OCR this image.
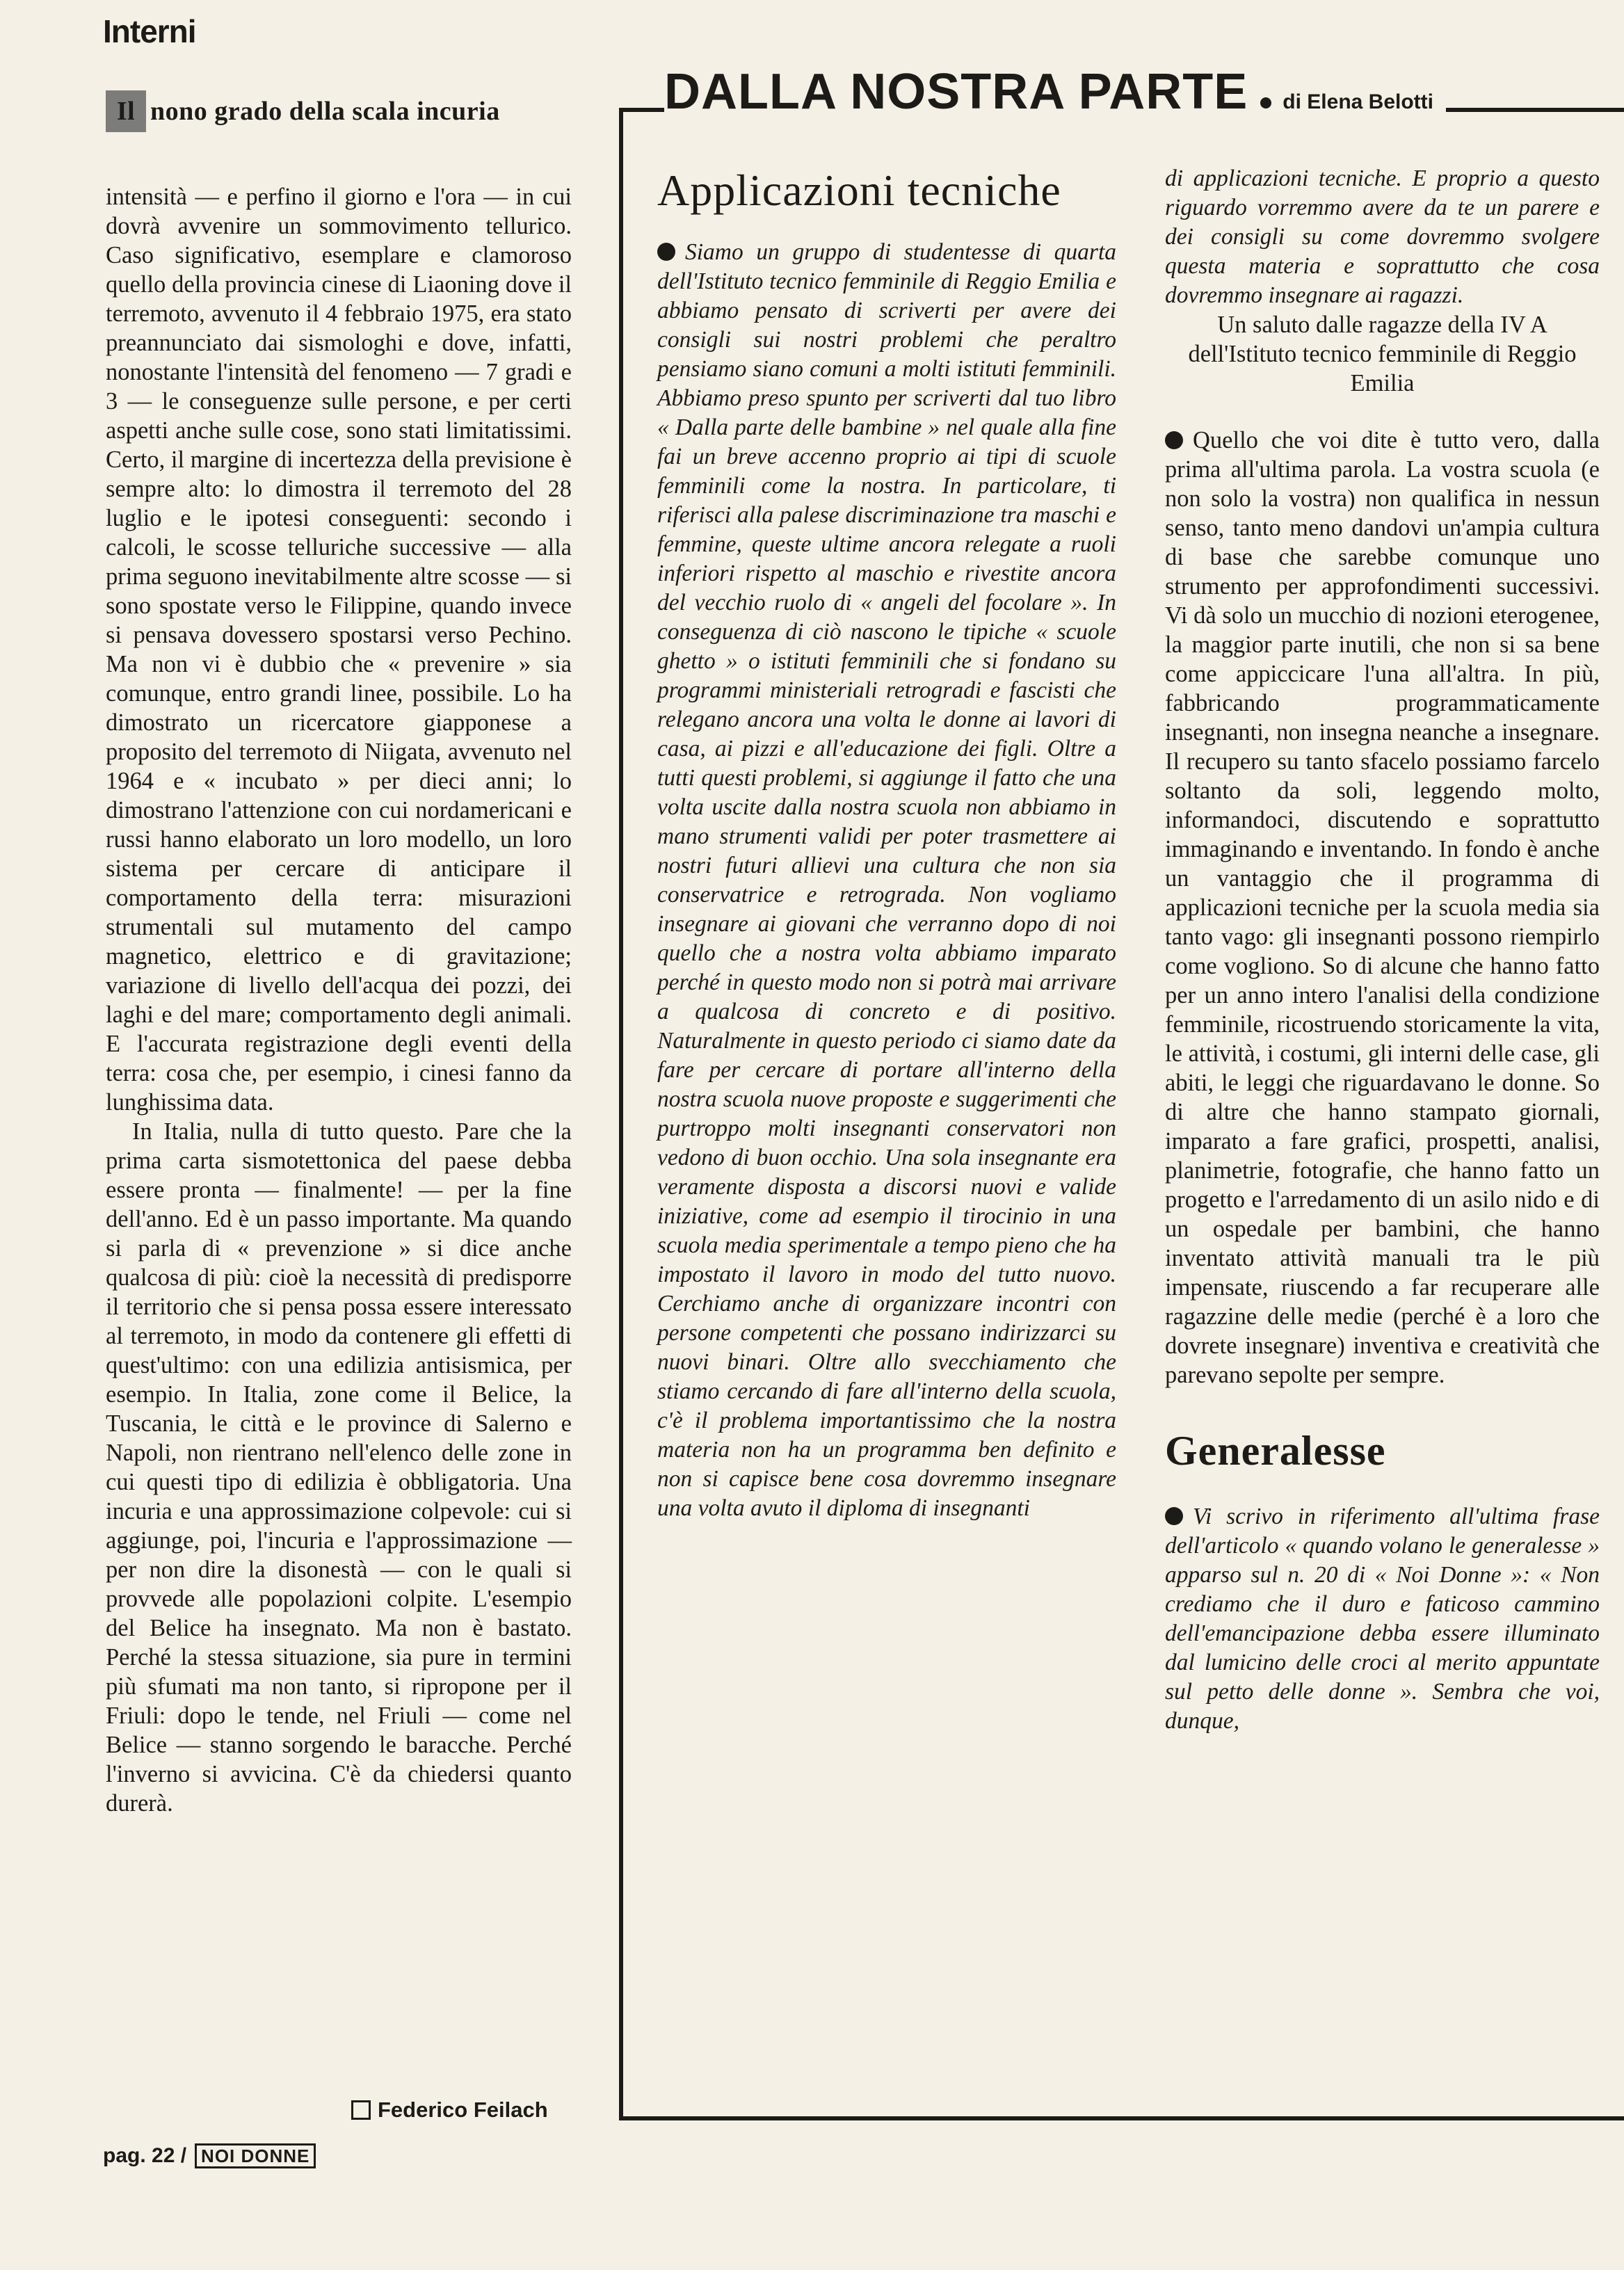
Interni
Il nono grado della scala incuria

intensità — e perfino il giorno e l'ora — in cui dovrà avvenire un sommovimento tellurico. Caso significativo, esemplare e clamoroso quello della provincia cinese di Liaoning dove il terremoto, avvenuto il 4 febbraio 1975, era stato preannunciato dai sismologhi e dove, infatti, nonostante l'intensità del fenomeno — 7 gradi e 3 — le conseguenze sulle persone, e per certi aspetti anche sulle cose, sono stati limitatissimi. Certo, il margine di incertezza della previsione è sempre alto: lo dimostra il terremoto del 28 luglio e le ipotesi conseguenti: secondo i calcoli, le scosse telluriche successive — alla prima seguono inevitabilmente altre scosse — si sono spostate verso le Filippine, quando invece si pensava dovessero spostarsi verso Pechino. Ma non vi è dubbio che « prevenire » sia comunque, entro grandi linee, possibile. Lo ha dimostrato un ricercatore giapponese a proposito del terremoto di Niigata, avvenuto nel 1964 e « incubato » per dieci anni; lo dimostrano l'attenzione con cui nordamericani e russi hanno elaborato un loro modello, un loro sistema per cercare di anticipare il comportamento della terra: misurazioni strumentali sul mutamento del campo magnetico, elettrico e di gravitazione; variazione di livello dell'acqua dei pozzi, dei laghi e del mare; comportamento degli animali. E l'accurata registrazione degli eventi della terra: cosa che, per esempio, i cinesi fanno da lunghissima data.

In Italia, nulla di tutto questo. Pare che la prima carta sismotettonica del paese debba essere pronta — finalmente! — per la fine dell'anno. Ed è un passo importante. Ma quando si parla di « prevenzione » si dice anche qualcosa di più: cioè la necessità di predisporre il territorio che si pensa possa essere interessato al terremoto, in modo da contenere gli effetti di quest'ultimo: con una edilizia antisismica, per esempio. In Italia, zone come il Belice, la Tuscania, le città e le province di Salerno e Napoli, non rientrano nell'elenco delle zone in cui questi tipo di edilizia è obbligatoria. Una incuria e una approssimazione colpevole: cui si aggiunge, poi, l'incuria e l'approssimazione — per non dire la disonestà — con le quali si provvede alle popolazioni colpite. L'esempio del Belice ha insegnato. Ma non è bastato. Perché la stessa situazione, sia pure in termini più sfumati ma non tanto, si ripropone per il Friuli: dopo le tende, nel Friuli — come nel Belice — stanno sorgendo le baracche. Perché l'inverno si avvicina. C'è da chiedersi quanto durerà.

Federico Feilach
pag. 22 / NOI DONNE
DALLA NOSTRA PARTE di Elena Belotti
Applicazioni tecniche

Siamo un gruppo di studentesse di quarta dell'Istituto tecnico femminile di Reggio Emilia e abbiamo pensato di scriverti per avere dei consigli sui nostri problemi che peraltro pensiamo siano comuni a molti istituti femminili. Abbiamo preso spunto per scriverti dal tuo libro « Dalla parte delle bambine » nel quale alla fine fai un breve accenno proprio ai tipi di scuole femminili come la nostra. In particolare, ti riferisci alla palese discriminazione tra maschi e femmine, queste ultime ancora relegate a ruoli inferiori rispetto al maschio e rivestite ancora del vecchio ruolo di « angeli del focolare ». In conseguenza di ciò nascono le tipiche « scuole ghetto » o istituti femminili che si fondano su programmi ministeriali retrogradi e fascisti che relegano ancora una volta le donne ai lavori di casa, ai pizzi e all'educazione dei figli. Oltre a tutti questi problemi, si aggiunge il fatto che una volta uscite dalla nostra scuola non abbiamo in mano strumenti validi per poter trasmettere ai nostri futuri allievi una cultura che non sia conservatrice e retrograda. Non vogliamo insegnare ai giovani che verranno dopo di noi quello che a nostra volta abbiamo imparato perché in questo modo non si potrà mai arrivare a qualcosa di concreto e di positivo. Naturalmente in questo periodo ci siamo date da fare per cercare di portare all'interno della nostra scuola nuove proposte e suggerimenti che purtroppo molti insegnanti conservatori non vedono di buon occhio. Una sola insegnante era veramente disposta a discorsi nuovi e valide iniziative, come ad esempio il tirocinio in una scuola media sperimentale a tempo pieno che ha impostato il lavoro in modo del tutto nuovo. Cerchiamo anche di organizzare incontri con persone competenti che possano indirizzarci su nuovi binari. Oltre allo svecchiamento che stiamo cercando di fare all'interno della scuola, c'è il problema importantissimo che la nostra materia non ha un programma ben definito e non si capisce bene cosa dovremmo insegnare una volta avuto il diploma di insegnanti

di applicazioni tecniche. E proprio a questo riguardo vorremmo avere da te un parere e dei consigli su come dovremmo svolgere questa materia e soprattutto che cosa dovremmo insegnare ai ragazzi.

Un saluto dalle ragazze della IV A dell'Istituto tecnico femminile di Reggio Emilia

Quello che voi dite è tutto vero, dalla prima all'ultima parola. La vostra scuola (e non solo la vostra) non qualifica in nessun senso, tanto meno dandovi un'ampia cultura di base che sarebbe comunque uno strumento per approfondimenti successivi. Vi dà solo un mucchio di nozioni eterogenee, la maggior parte inutili, che non si sa bene come appiccicare l'una all'altra. In più, fabbricando programmaticamente insegnanti, non insegna neanche a insegnare. Il recupero su tanto sfacelo possiamo farcelo soltanto da soli, leggendo molto, informandoci, discutendo e soprattutto immaginando e inventando. In fondo è anche un vantaggio che il programma di applicazioni tecniche per la scuola media sia tanto vago: gli insegnanti possono riempirlo come vogliono. So di alcune che hanno fatto per un anno intero l'analisi della condizione femminile, ricostruendo storicamente la vita, le attività, i costumi, gli interni delle case, gli abiti, le leggi che riguardavano le donne. So di altre che hanno stampato giornali, imparato a fare grafici, prospetti, analisi, planimetrie, fotografie, che hanno fatto un progetto e l'arredamento di un asilo nido e di un ospedale per bambini, che hanno inventato attività manuali tra le più impensate, riuscendo a far recuperare alle ragazzine delle medie (perché è a loro che dovrete insegnare) inventiva e creatività che parevano sepolte per sempre.

Generalesse

Vi scrivo in riferimento all'ultima frase dell'articolo « quando volano le generalesse » apparso sul n. 20 di « Noi Donne »: « Non crediamo che il duro e faticoso cammino dell'emancipazione debba essere illuminato dal lumicino delle croci al merito appuntate sul petto delle donne ». Sembra che voi, dunque,
